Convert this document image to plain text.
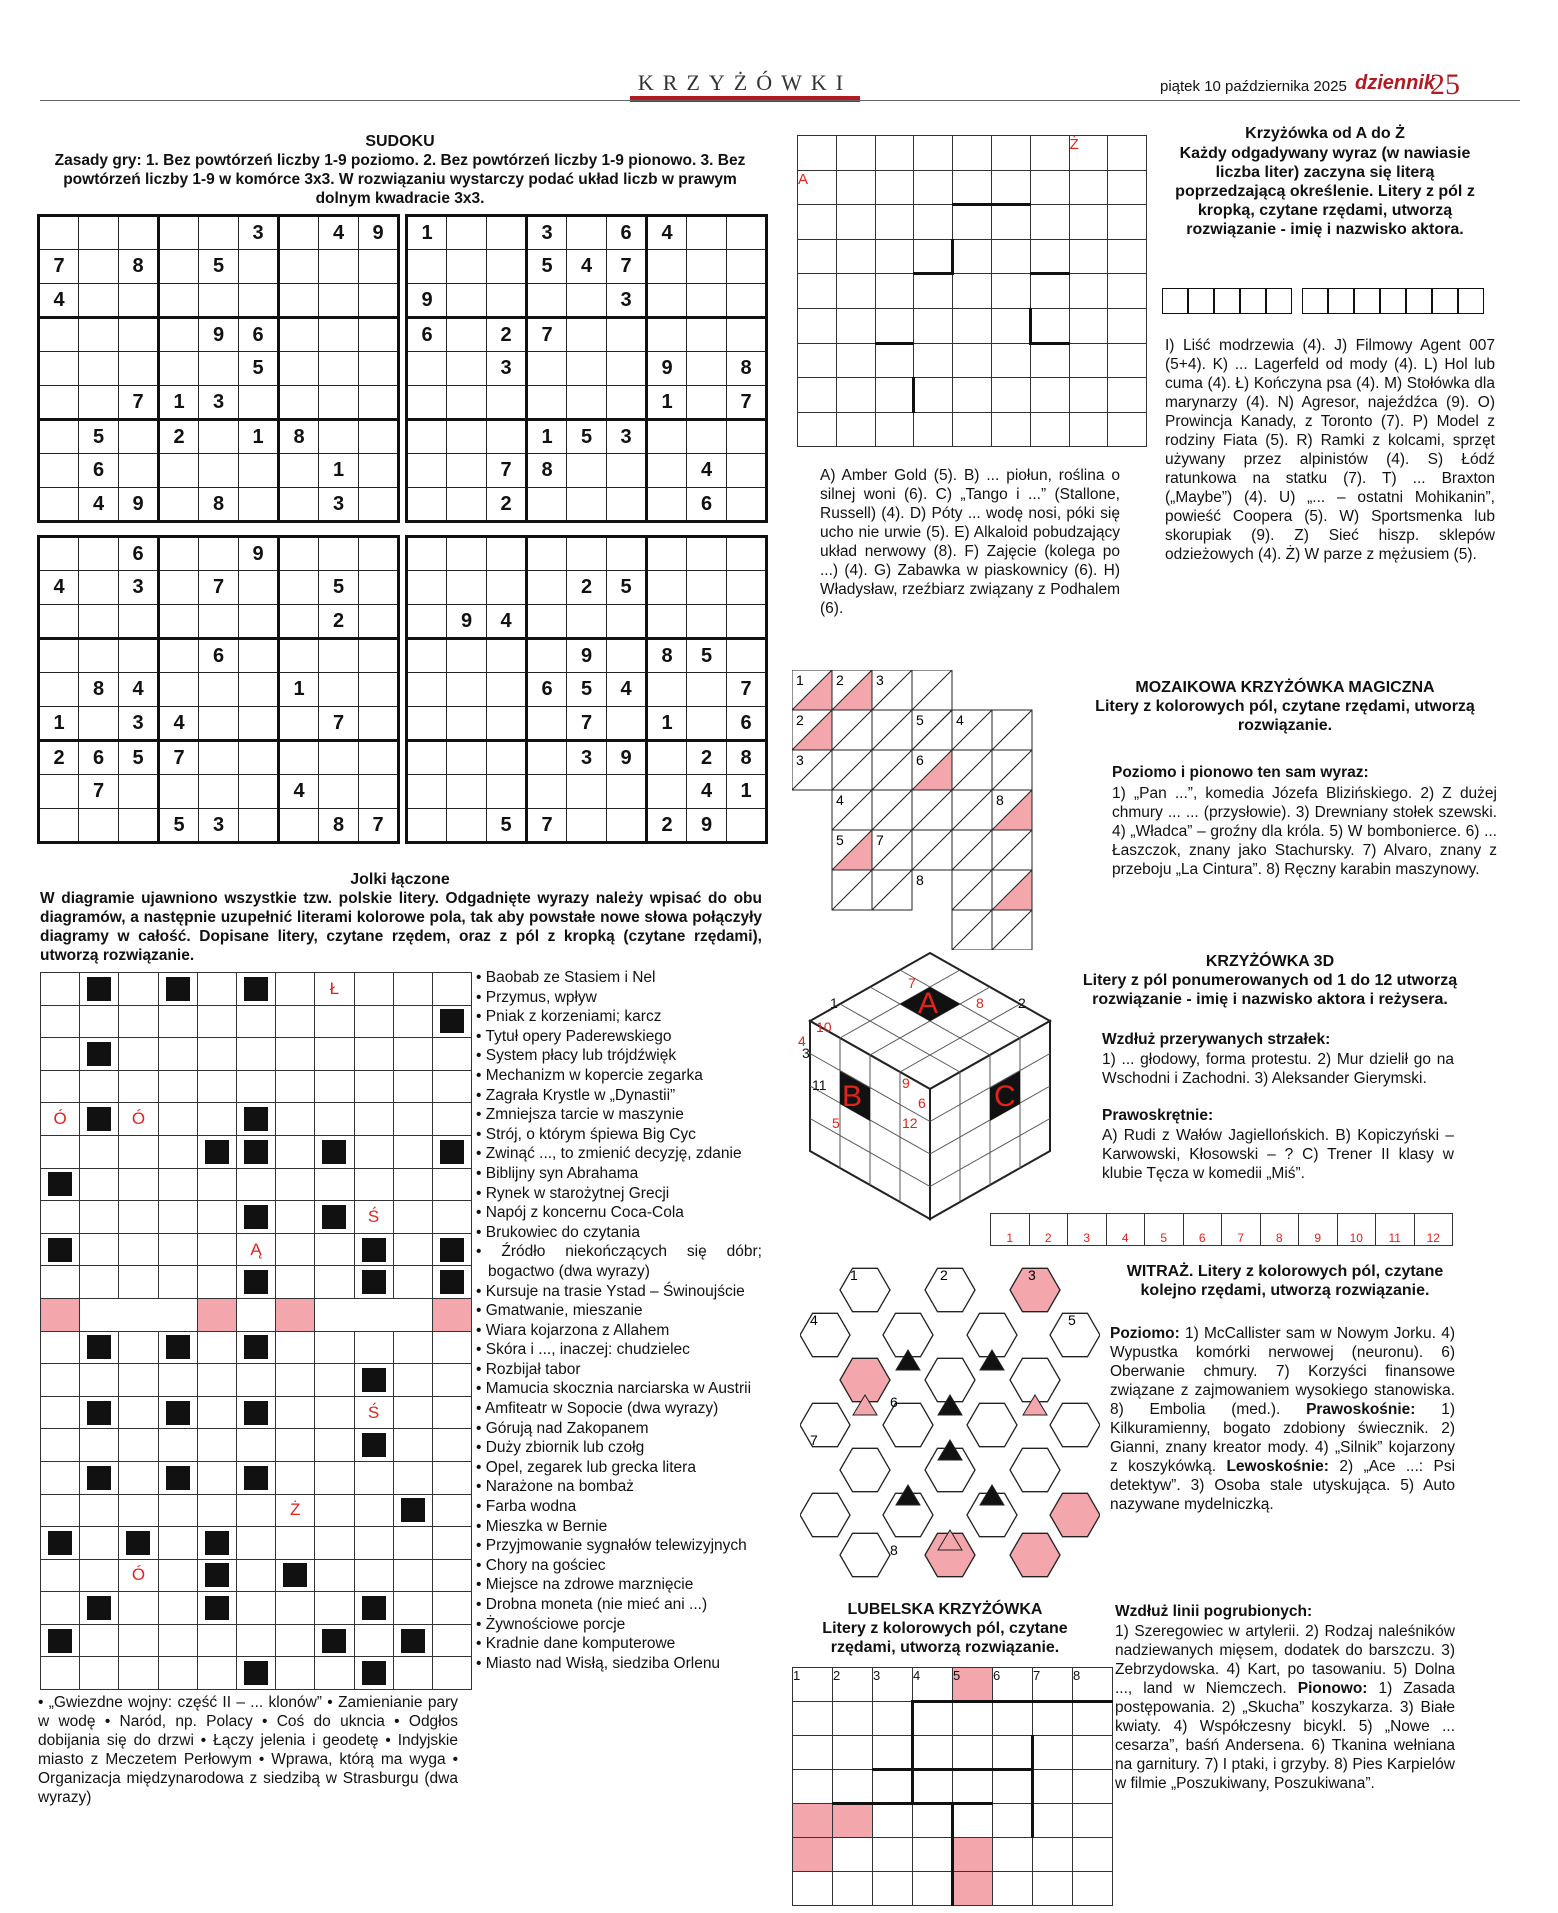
KRZYŻÓWKI	piątek 10 października 2025 dziennik
25
SUDOKU
Zasady gry: 1. Bez powtórzeń liczby 1-9 poziomo. 2. Bez powtórzeń liczby 1-9 pionowo. 3. Bez powtórzeń liczby 1-9 w komórce 3x3. W rozwiązaniu wystarczy podać układ liczb w prawym dolnym kwadracie 3x3.
					3		4	9
7		8		5				
4								
				9	6			
					5			
		7	1	3				
	5		2		1	8		
	6						1	
	4	9		8			3	
1			3		6	4		
			5	4	7			
9					3			
6		2	7					
		3				9		8
						1		7
			1	5	3			
		7	8				4	
		2					6	
		6			9			
4		3		7			5	
							2	
				6				
	8	4				1		
1		3	4				7	
2	6	5	7					
	7					4		
			5	3			8	7

				2	5			
	9	4						
				9		8	5	
			6	5	4			7
				7		1		6
				3	9		2	8
							4	1
		5	7			2	9	
Jolki łączone
W diagramie ujawniono wszystkie tzw. polskie litery. Odgadnięte wyrazy należy wpisać do obu diagramów, a następnie uzupełnić literami kolorowe pola, tak aby powstałe nowe słowa połączyły diagramy w całość. Dopisane litery, czytane rzędem, oraz z pól z kropką (czytane rzędami), utworzą rozwiązanie.

		Ł			

Ó		Ó			

	Ś		

					Ą			

			Ś		

						Ż			

		Ó		

• Baobab ze Stasiem i Nel
• Przymus, wpływ
• Pniak z korzeniami; karcz
• Tytuł opery Paderewskiego
• System płacy lub trójdźwięk
• Mechanizm w kopercie zegarka
• Zagrała Krystle w „Dynastii”
• Zmniejsza tarcie w maszynie
• Strój, o którym śpiewa Big Cyc
• Zwinąć ..., to zmienić decyzję, zdanie
• Biblijny syn Abrahama
• Rynek w starożytnej Grecji
• Napój z koncernu Coca-Cola
• Brukowiec do czytania
• Źródło niekończących się dóbr; bogactwo (dwa wyrazy)
• Kursuje na trasie Ystad – Świnoujście
• Gmatwanie, mieszanie
• Wiara kojarzona z Allahem
• Skóra i ..., inaczej: chudzielec
• Rozbijał tabor
• Mamucia skocznia narciarska w Austrii
• Amfiteatr w Sopocie (dwa wyrazy)
• Górują nad Zakopanem
• Duży zbiornik lub czołg
• Opel, zegarek lub grecka litera
• Narażone na bombaż
• Farba wodna
• Mieszka w Bernie
• Przyjmowanie sygnałów telewizyjnych
• Chory na gościec
• Miejsce na zdrowe marznięcie
• Drobna moneta (nie mieć ani ...)
• Żywnościowe porcje
• Kradnie dane komputerowe
• Miasto nad Wisłą, siedziba Orlenu
• „Gwiezdne wojny: część II – ... klonów” • Zamienianie pary w wodę • Naród, np. Polacy • Coś do ukncia • Odgłos dobijania się do drzwi • Łączy jelenia i geodetę • Indyjskie miasto z Meczetem Perłowym • Wprawa, którą ma wyga • Organizacja międzynarodowa z siedzibą w Strasburgu (dwa wyrazy)
							Ż	
A								

Krzyżówka od A do Ż
Każdy odgadywany wyraz (w nawiasie liczba liter) zaczyna się literą poprzedzającą określenie. Litery z pól z kropką, czytane rzędami, utworzą rozwiązanie - imię i nazwisko aktora.
A) Amber Gold (5). B) ... piołun, roślina o silnej woni (6). C) „Tango i ...” (Stallone, Russell) (4). D) Póty ... wodę nosi, póki się ucho nie urwie (5). E) Alkaloid pobudzający układ nerwowy (8). F) Zajęcie (kolega po ...) (4). G) Zabawka w piaskownicy (6). H) Władysław, rzeźbiarz związany z Podhalem (6).
I) Liść modrzewia (4). J) Filmowy Agent 007 (5+4). K) ... Lagerfeld od mody (4). L) Hol lub cuma (4). Ł) Kończyna psa (4). M) Stołówka dla marynarzy (4). N) Agresor, najeźdźca (9). O) Prowincja Kanady, z Toronto (7). P) Model z rodziny Fiata (5). R) Ramki z kolcami, sprzęt używany przez alpinistów (4). S) Łódź ratunkowa na statku (7). T) ... Braxton („Maybe”) (4). U) „... – ostatni Mohikanin”, powieść Coopera (5). W) Sportsmenka lub skorupiak (9). Z) Sieć hiszp. sklepów odzieżowych (4). Ż) W parze z mężusiem (5).
1 2 3
2
3	6
4
7
8
5
8
4
5
MOZAIKOWA KRZYŻÓWKA MAGICZNA
Litery z kolorowych pól, czytane rzędami, utworzą rozwiązanie.
Poziomo i pionowo ten sam wyraz:
1) „Pan ...”, komedia Józefa Blizińskiego. 2) Z dużej chmury ... ... (przysłowie). 3) Drewniany stołek szewski. 4) „Władca” – groźny dla króla. 5) W bombonierce. 6) ... Łaszczok, znany jako Stachursky. 7) Alvaro, znany z przeboju „La Cintura”. 8) Ręczny karabin maszynowy.
A
B	C
1	2
3
4
5
6
7
8
9
10
11
12
KRZYŻÓWKA 3D
Litery z pól ponumerowanych od 1 do 12 utworzą rozwiązanie - imię i nazwisko aktora i reżysera.
Wzdłuż przerywanych strzałek:
1) ... głodowy, forma protestu. 2) Mur dzielił go na Wschodni i Zachodni. 3) Aleksander Gierymski.
Prawoskrętnie:
A) Rudi z Wałów Jagiellońskich. B) Kopiczyński – Karwowski, Kłosowski – ? C) Trener II klasy w klubie Tęcza w komedii „Miś”.
1	2	3	4	5	6	7	8	9	10	11	12
1	2	3
4	5
6
7
8
WITRAŻ. Litery z kolorowych pól, czytane kolejno rzędami, utworzą rozwiązanie.
Poziomo: 1) McCallister sam w Nowym Jorku. 4) Wypustka komórki nerwowej (neuronu). 6) Oberwanie chmury. 7) Korzyści finansowe związane z zajmowaniem wysokiego stanowiska. 8) Embolia (med.). Prawoskośnie: 1) Kilkuramienny, bogato zdobiony świecznik. 2) Gianni, znany kreator mody. 4) „Silnik” kojarzony z koszykówką. Lewoskośnie: 2) „Ace ...: Psi detektyw”. 3) Osoba stale utyskująca. 5) Auto nazywane mydelniczką.
LUBELSKA KRZYŻÓWKA
Litery z kolorowych pól, czytane rzędami, utworzą rozwiązanie.
1	2	3	4	5	6	7	8

Wzdłuż linii pogrubionych:
1) Szeregowiec w artylerii. 2) Rodzaj naleśników nadziewanych mięsem, dodatek do barszczu. 3) Zebrzydowska. 4) Kart, po tasowaniu. 5) Dolna ..., land w Niemczech. Pionowo: 1) Zasada postępowania. 2) „Skucha” koszykarza. 3) Białe kwiaty. 4) Współczesny bicykl. 5) „Nowe ... cesarza”, baśń Andersena. 6) Tkanina wełniana na garnitury. 7) I ptaki, i grzyby. 8) Pies Karpielów w filmie „Poszukiwany, Poszukiwana”.
